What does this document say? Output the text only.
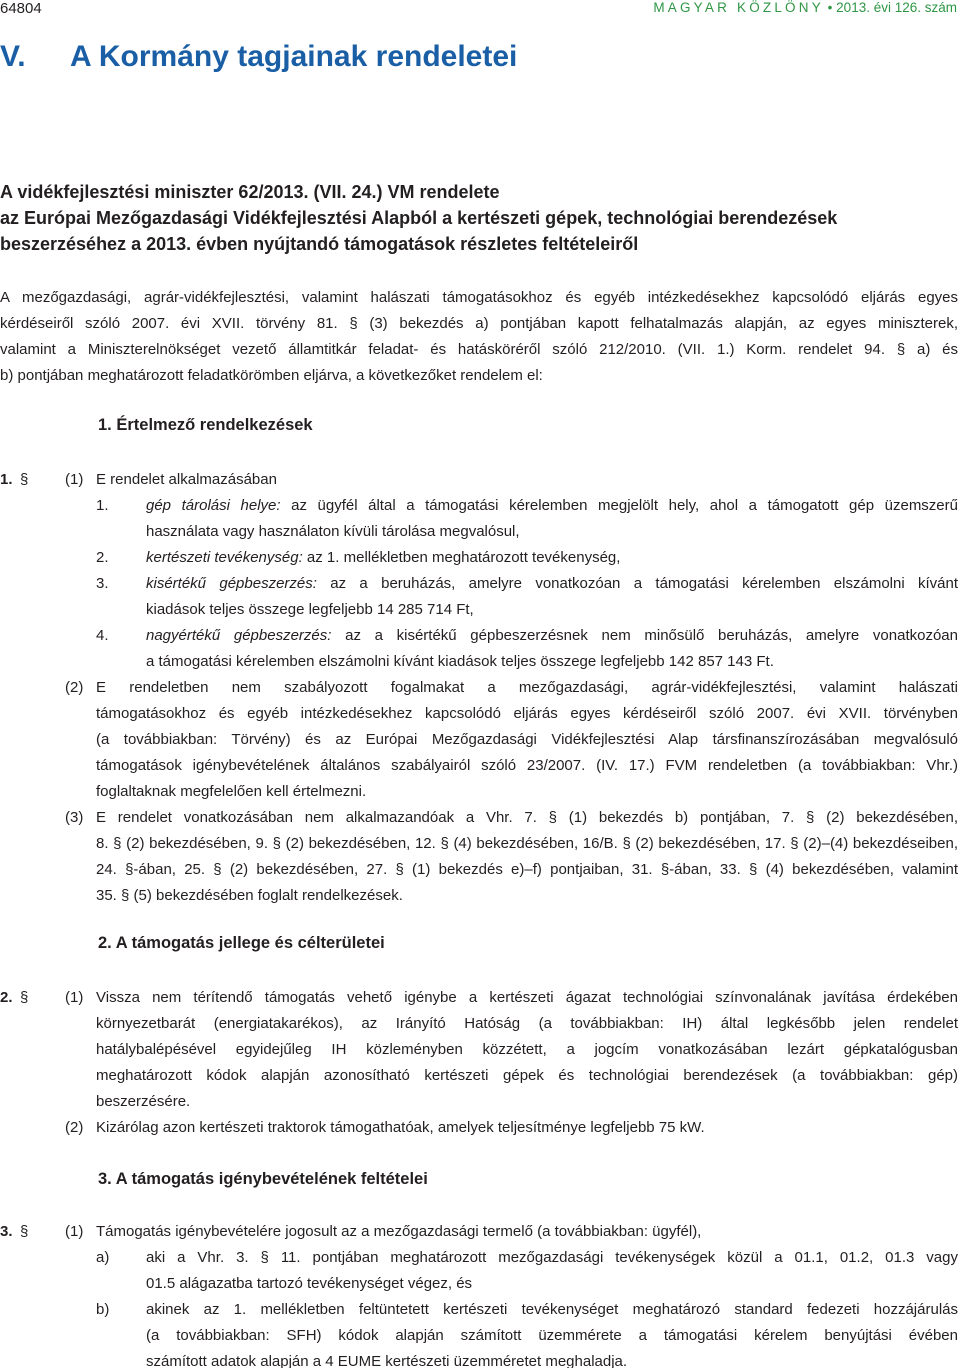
64804	MAGYAR KÖZLÖNY • 2013. évi 126. szám
V. A Kormány tagjainak rendeletei
A vidékfejlesztési miniszter 62/2013. (VII. 24.) VM rendelete
az Európai Mezőgazdasági Vidékfejlesztési Alapból a kertészeti gépek, technológiai berendezések
beszerzéséhez a 2013. évben nyújtandó támogatások részletes feltételeiről
A mezőgazdasági, agrár-vidékfejlesztési, valamint halászati támogatásokhoz és egyéb intézkedésekhez kapcsolódó eljárás egyes
kérdéseiről szóló 2007. évi XVII. törvény 81. § (3) bekezdés a) pontjában kapott felhatalmazás alapján, az egyes miniszterek,
valamint a Miniszterelnökséget vezető államtitkár feladat- és hatásköréről szóló 212/2010. (VII. 1.) Korm. rendelet 94. § a) és
b) pontjában meghatározott feladatkörömben eljárva, a következőket rendelem el:
1. Értelmező rendelkezések
1. § (1) E rendelet alkalmazásában
1. gép tárolási helye: az ügyfél által a támogatási kérelemben megjelölt hely, ahol a támogatott gép üzemszerű
használata vagy használaton kívüli tárolása megvalósul,
2. kertészeti tevékenység: az 1. mellékletben meghatározott tevékenység,
3. kisértékű gépbeszerzés: az a beruházás, amelyre vonatkozóan a támogatási kérelemben elszámolni kívánt
kiadások teljes összege legfeljebb 14 285 714 Ft,
4. nagyértékű gépbeszerzés: az a kisértékű gépbeszerzésnek nem minősülő beruházás, amelyre vonatkozóan
a támogatási kérelemben elszámolni kívánt kiadások teljes összege legfeljebb 142 857 143 Ft.
(2) E rendeletben nem szabályozott fogalmakat a mezőgazdasági, agrár-vidékfejlesztési, valamint halászati
támogatásokhoz és egyéb intézkedésekhez kapcsolódó eljárás egyes kérdéseiről szóló 2007. évi XVII. törvényben
(a továbbiakban: Törvény) és az Európai Mezőgazdasági Vidékfejlesztési Alap társfinanszírozásában megvalósuló
támogatások igénybevételének általános szabályairól szóló 23/2007. (IV. 17.) FVM rendeletben (a továbbiakban: Vhr.)
foglaltaknak megfelelően kell értelmezni.
(3) E rendelet vonatkozásában nem alkalmazandóak a Vhr. 7. § (1) bekezdés b) pontjában, 7. § (2) bekezdésében,
8. § (2) bekezdésében, 9. § (2) bekezdésében, 12. § (4) bekezdésében, 16/B. § (2) bekezdésében, 17. § (2)–(4) bekezdéseiben,
24. §-ában, 25. § (2) bekezdésében, 27. § (1) bekezdés e)–f) pontjaiban, 31. §-ában, 33. § (4) bekezdésében, valamint
35. § (5) bekezdésében foglalt rendelkezések.
2. A támogatás jellege és célterületei
2. § (1) Vissza nem térítendő támogatás vehető igénybe a kertészeti ágazat technológiai színvonalának javítása érdekében
környezetbarát (energiatakarékos), az Irányító Hatóság (a továbbiakban: IH) által legkésőbb jelen rendelet
hatálybalépésével egyidejűleg IH közleményben közzétett, a jogcím vonatkozásában lezárt gépkatalógusban
meghatározott kódok alapján azonosítható kertészeti gépek és technológiai berendezések (a továbbiakban: gép)
beszerzésére.
(2) Kizárólag azon kertészeti traktorok támogathatóak, amelyek teljesítménye legfeljebb 75 kW.
3. A támogatás igénybevételének feltételei
3. § (1) Támogatás igénybevételére jogosult az a mezőgazdasági termelő (a továbbiakban: ügyfél),
a) aki a Vhr. 3. § 11. pontjában meghatározott mezőgazdasági tevékenységek közül a 01.1, 01.2, 01.3 vagy
01.5 alágazatba tartozó tevékenységet végez, és
b) akinek az 1. mellékletben feltüntetett kertészeti tevékenységet meghatározó standard fedezeti hozzájárulás
(a továbbiakban: SFH) kódok alapján számított üzemmérete a támogatási kérelem benyújtási évében
számított adatok alapján a 4 EUME kertészeti üzemméretet meghaladja.
